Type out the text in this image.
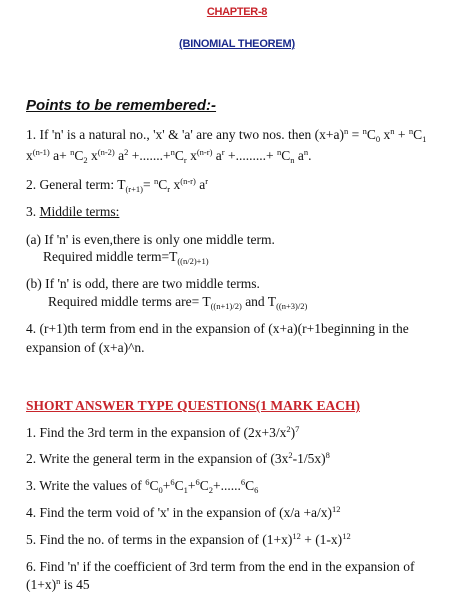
CHAPTER-8
(BINOMIAL THEOREM)
Points to be remembered:-
1. If 'n' is a natural no., 'x' & 'a' are any two nos. then $(x+a)^n = ^nC_0$ $x^n + ^nC_1$
$x^{(n-1)}$ $a+ ^nC_2$ $x^{(n-2)}$ $a^2 +.......+^nC_r$ $x^{(n-r)}$ $a^r$ +.........+ $^nC_n$ $a^n$.
2. General term: $T_{(r+1)}= ^nC_r$ $x^{(n-r)}$ $a^r$
3. Middile terms:
(a) If 'n' is even,there is only one middle term.
Required middle $term=T_{((n/2)+1)}$
(b) If 'n' is odd, there are two middle terms.
Required middle terms $are= T_{((n+1)/2)}$ and $T_{((n+3)/2)}$
4. (r+1)th term from end in the expansion of (x+a)(r+1beginning in the
expansion of (x+a)^n.
SHORT ANSWER TYPE QUESTIONS(1 MARK EACH)
1. Find the 3rd term in the expansion of $(2x+3/x^2)^7$
2. Write the general term in the expansion of $(3x^2-1/5x)^8$
3. Write the values of $^6C_0+^6C_1+^6C_2+......^6C_6$
4. Find the term void of 'x' in the expansion of $(x/a +a/x)^{12}$
5. Find the no. of terms in the expansion of $(1+x)^{12} + (1-x)^{12}$
6. Find 'n' if the coefficient of 3rd term from the end in the expansion of
$(1+x)^n$ is 45
